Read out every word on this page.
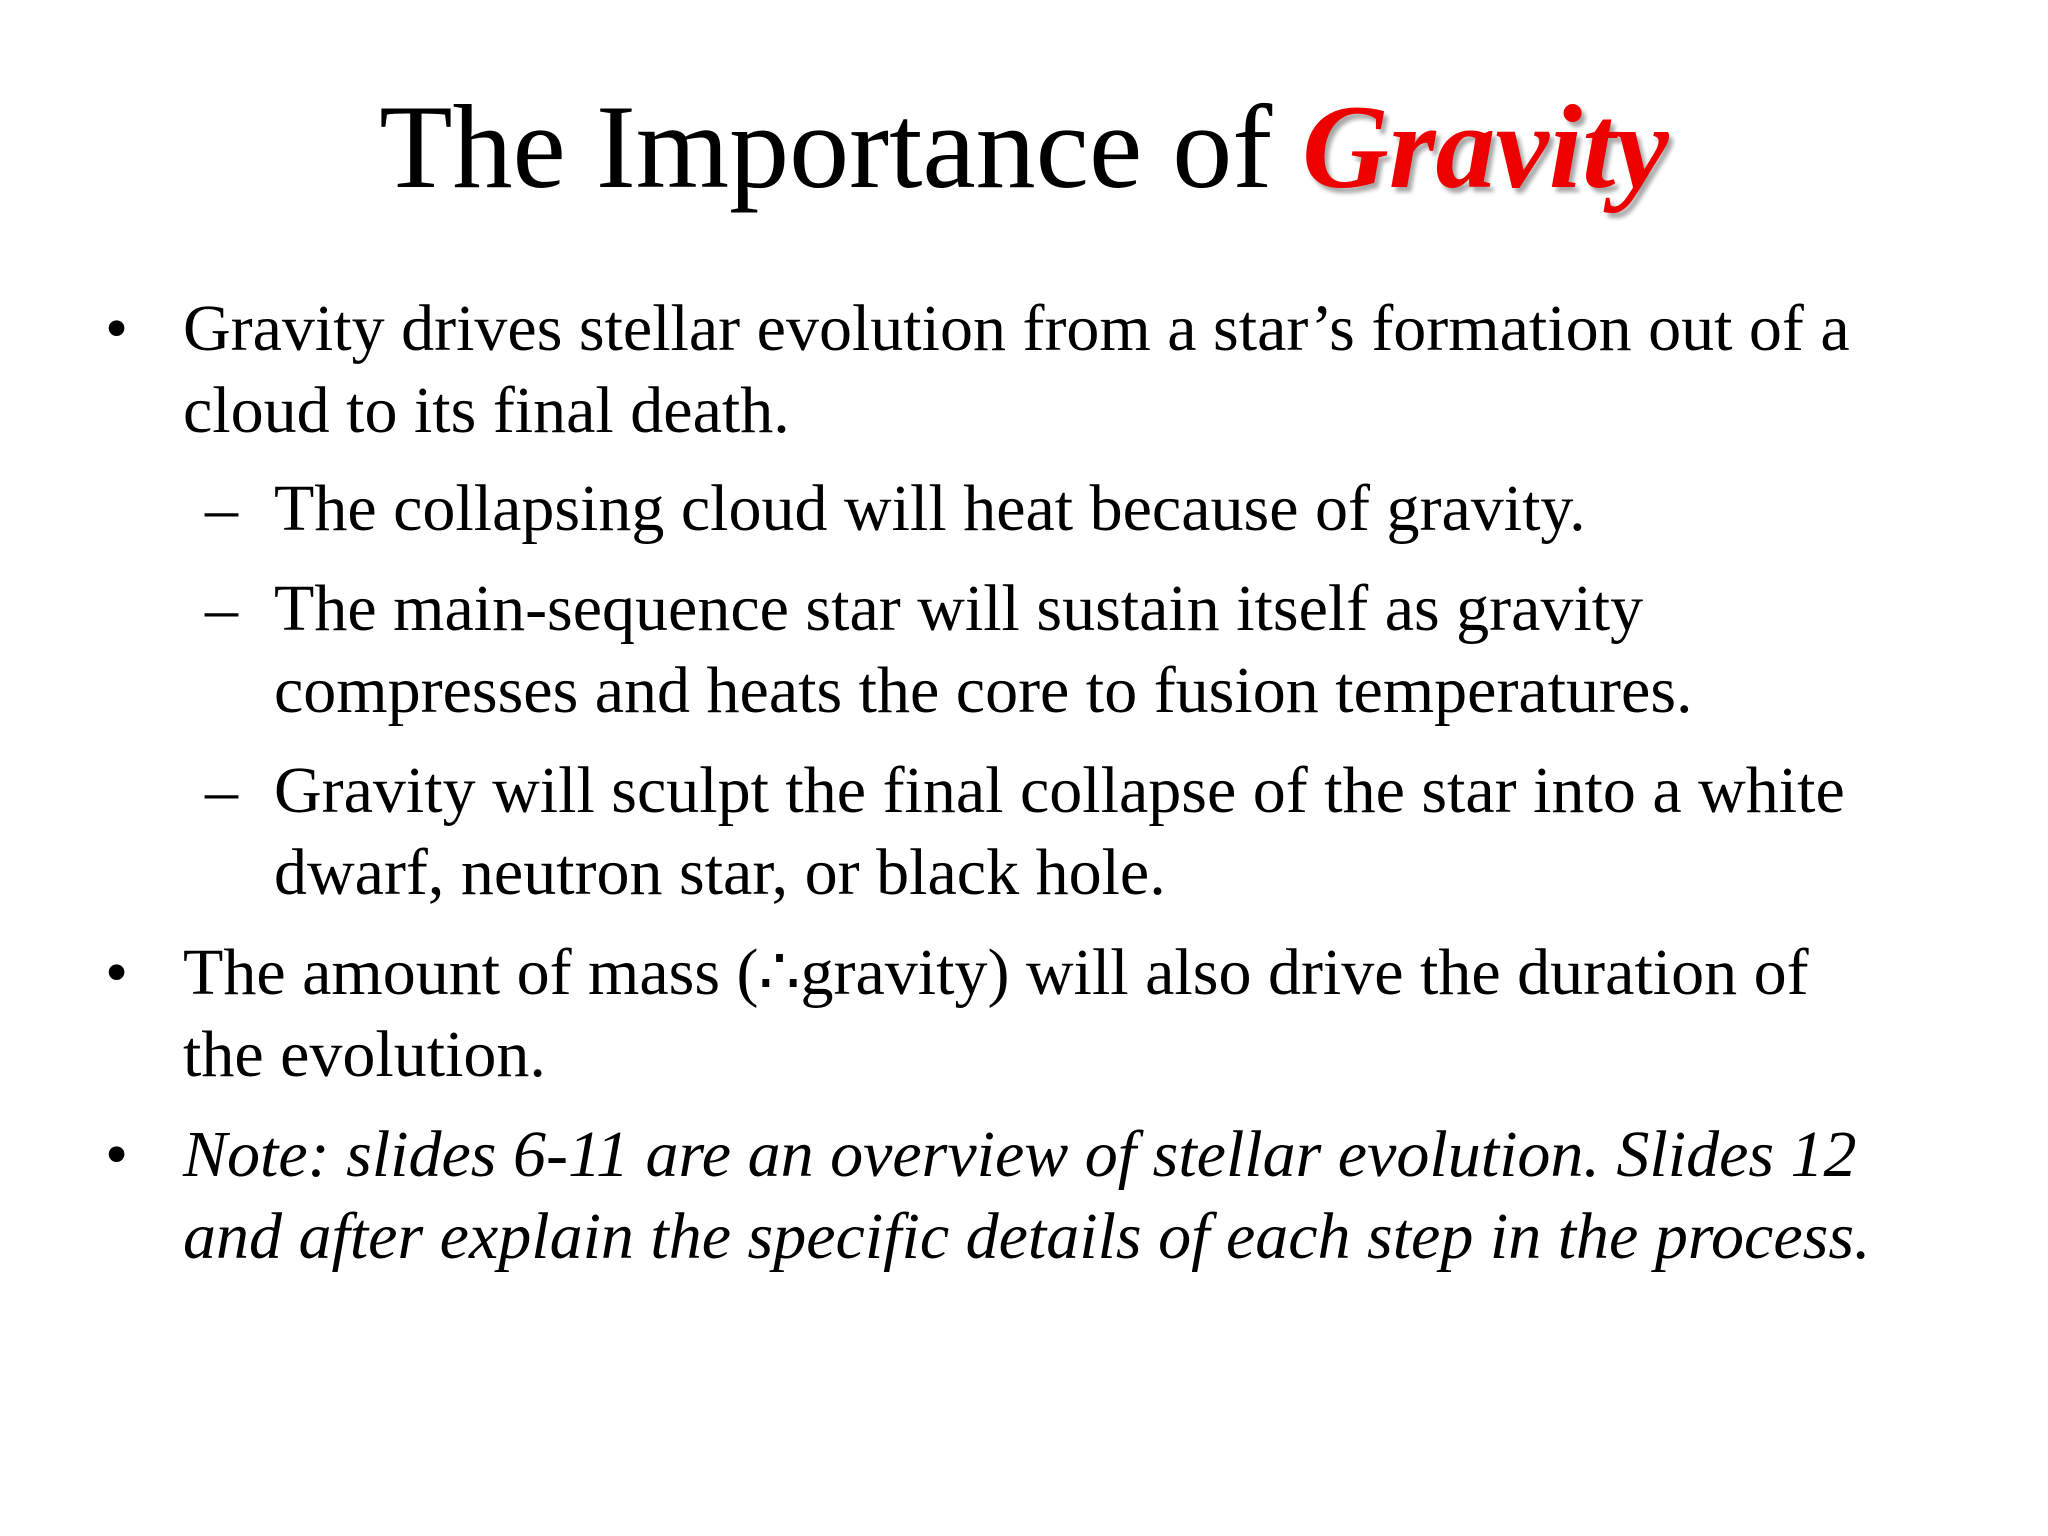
The Importance of Gravity
• Gravity drives stellar evolution from a star’s formation out of a
cloud to its final death.
– The collapsing cloud will heat because of gravity.
– The main-sequence star will sustain itself as gravity
compresses and heats the core to fusion temperatures.
– Gravity will sculpt the final collapse of the star into a white
dwarf, neutron star, or black hole.
• The amount of mass (∴gravity) will also drive the duration of
the evolution.
• Note: slides 6-11 are an overview of stellar evolution. Slides 12
and after explain the specific details of each step in the process.
